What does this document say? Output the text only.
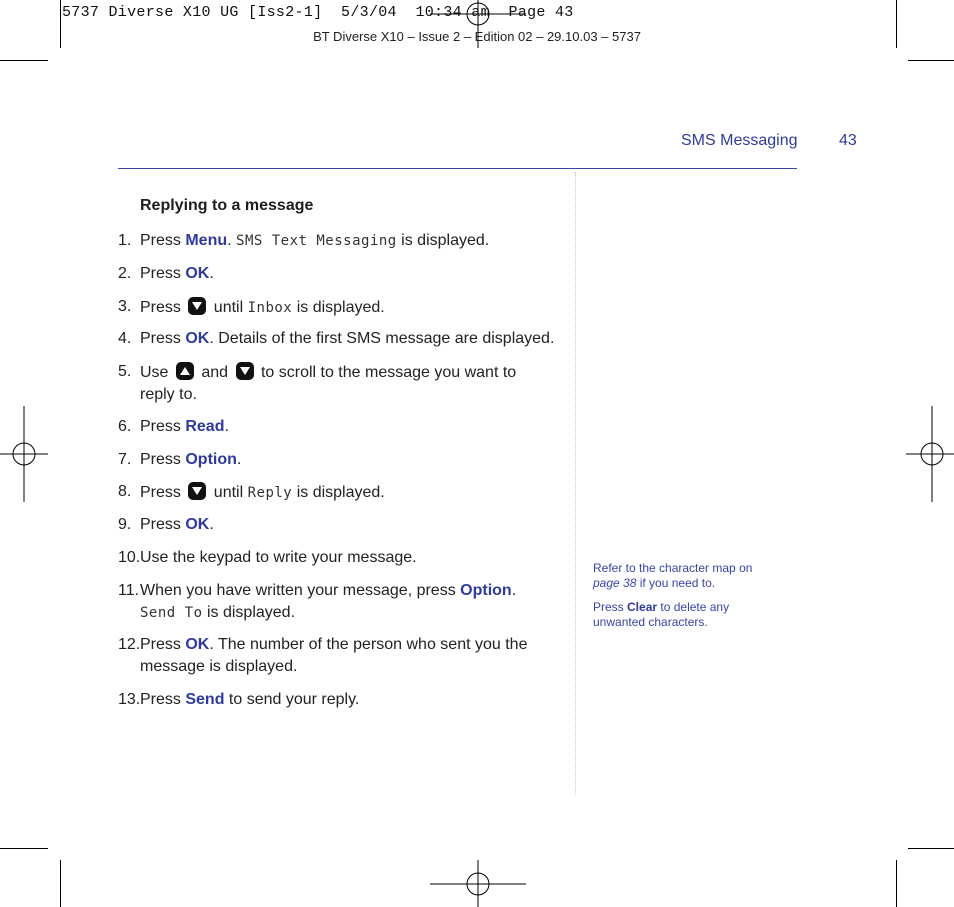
5737 Diverse X10 UG [Iss2-1]  5/3/04  10:34 am  Page 43
BT Diverse X10 – Issue 2 – Edition 02 – 29.10.03 – 5737
SMS Messaging	43
Replying to a message
1. Press Menu. SMS Text Messaging is displayed.
2. Press OK.
3. Press  until Inbox is displayed.
4. Press OK. Details of the first SMS message are displayed.
5. Use  and  to scroll to the message you want to reply to.
6. Press Read.
7. Press Option.
8. Press  until Reply is displayed.
9. Press OK.
10. Use the keypad to write your message.
11. When you have written your message, press Option.
Send To is displayed.
12. Press OK. The number of the person who sent you the message is displayed.
13. Press Send to send your reply.
Refer to the character map on
page 38 if you need to.
Press Clear to delete any unwanted characters.
